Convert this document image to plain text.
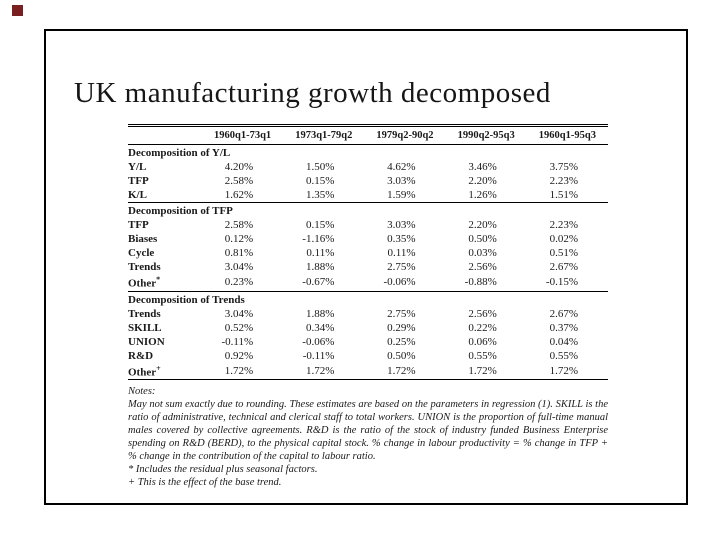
UK manufacturing growth decomposed
	1960q1-73q1	1973q1-79q2	1979q2-90q2	1990q2-95q3	1960q1-95q3
Decomposition of Y/L					
Y/L	4.20%	1.50%	4.62%	3.46%	3.75%
TFP	2.58%	0.15%	3.03%	2.20%	2.23%
K/L	1.62%	1.35%	1.59%	1.26%	1.51%
Decomposition of TFP					
TFP	2.58%	0.15%	3.03%	2.20%	2.23%
Biases	0.12%	-1.16%	0.35%	0.50%	0.02%
Cycle	0.81%	0.11%	0.11%	0.03%	0.51%
Trends	3.04%	1.88%	2.75%	2.56%	2.67%
Other*	0.23%	-0.67%	-0.06%	-0.88%	-0.15%
Decomposition of Trends					
Trends	3.04%	1.88%	2.75%	2.56%	2.67%
SKILL	0.52%	0.34%	0.29%	0.22%	0.37%
UNION	-0.11%	-0.06%	0.25%	0.06%	0.04%
R&D	0.92%	-0.11%	0.50%	0.55%	0.55%
Other+	1.72%	1.72%	1.72%	1.72%	1.72%
Notes:
May not sum exactly due to rounding. These estimates are based on the parameters in regression (1). SKILL is the ratio of administrative, technical and clerical staff to total workers. UNION is the proportion of full-time manual males covered by collective agreements. R&D is the ratio of the stock of industry funded Business Enterprise spending on R&D (BERD), to the physical capital stock. % change in labour productivity = % change in TFP + % change in the contribution of the capital to labour ratio.
* Includes the residual plus seasonal factors.
+ This is the effect of the base trend.
